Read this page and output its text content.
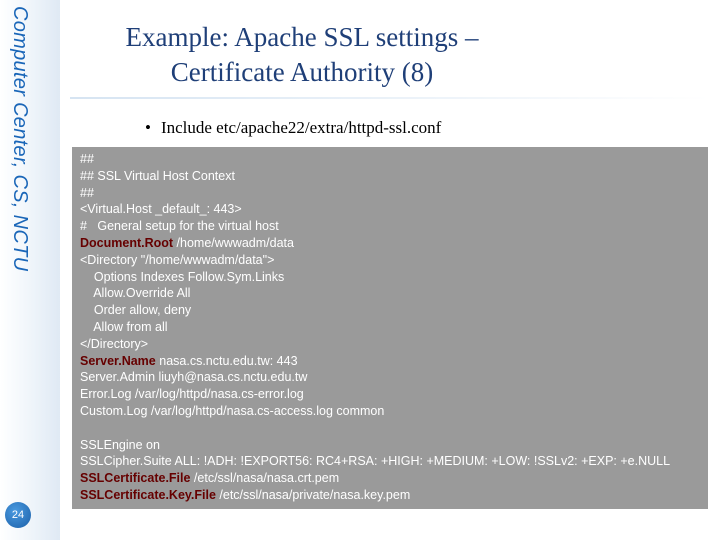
Computer Center, CS, NCTU
24
Example: Apache SSL settings –
Certificate Authority (8)
• Include etc/apache22/extra/httpd-ssl.conf
##
## SSL Virtual Host Context
##
<Virtual.Host _default_: 443>
#   General setup for the virtual host
Document.Root /home/wwwadm/data
<Directory "/home/wwwadm/data">
Options Indexes Follow.Sym.Links
Allow.Override All
Order allow, deny
Allow from all
</Directory>
Server.Name nasa.cs.nctu.edu.tw: 443
Server.Admin liuyh@nasa.cs.nctu.edu.tw
Error.Log /var/log/httpd/nasa.cs-error.log
Custom.Log /var/log/httpd/nasa.cs-access.log common
SSLEngine on
SSLCipher.Suite ALL: !ADH: !EXPORT56: RC4+RSA: +HIGH: +MEDIUM: +LOW: !SSLv2: +EXP: +e.NULL
SSLCertificate.File /etc/ssl/nasa/nasa.crt.pem
SSLCertificate.Key.File /etc/ssl/nasa/private/nasa.key.pem
